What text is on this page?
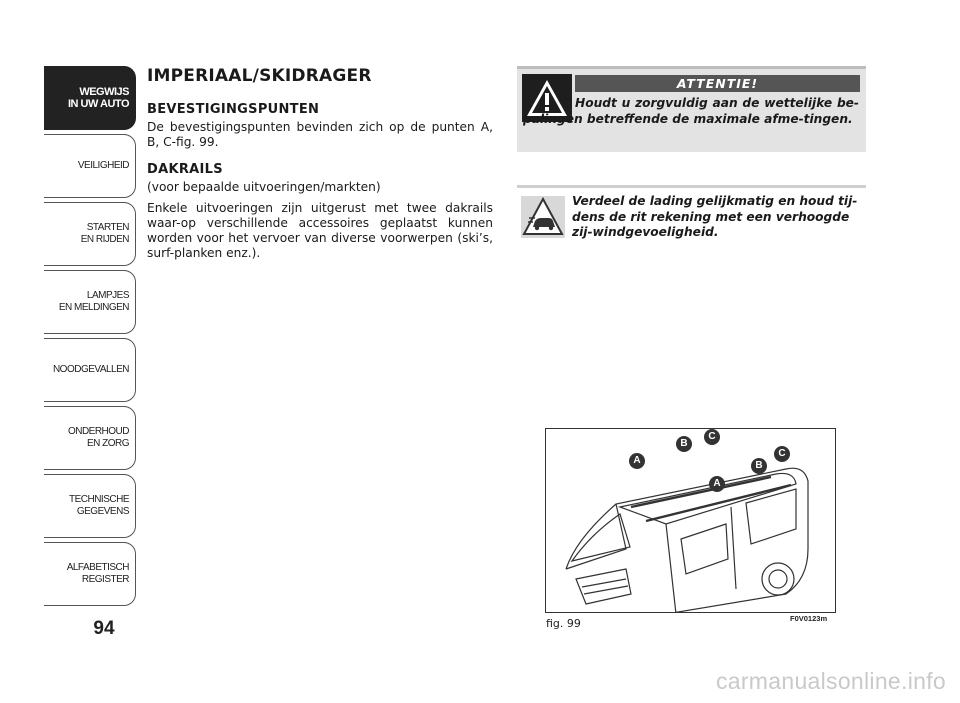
WEGWIJS
IN UW AUTO
VEILIGHEID
STARTEN
EN RIJDEN
LAMPJES
EN MELDINGEN
NOODGEVALLEN
ONDERHOUD
EN ZORG
TECHNISCHE
GEGEVENS
ALFABETISCH
REGISTER
94
IMPERIAAL/SKIDRAGER
BEVESTIGINGSPUNTEN
De bevestigingspunten bevinden zich op de punten A, B, C-fig. 99.
DAKRAILS
(voor bepaalde uitvoeringen/markten)
Enkele uitvoeringen zijn uitgerust met twee dakrails waar-op verschillende accessoires geplaatst kunnen worden voor het vervoer van diverse voorwerpen (ski’s, surf-planken enz.).
ATTENTIE!
Houdt u zorgvuldig aan de wettelijke be-palingen betreffende de maximale afme-tingen.
Verdeel de lading gelijkmatig en houd tij-dens de rit rekening met een verhoogde zij-windgevoeligheid.
A
B
C
A
B
C
fig. 99	F0V0123m
carmanualsonline.info
